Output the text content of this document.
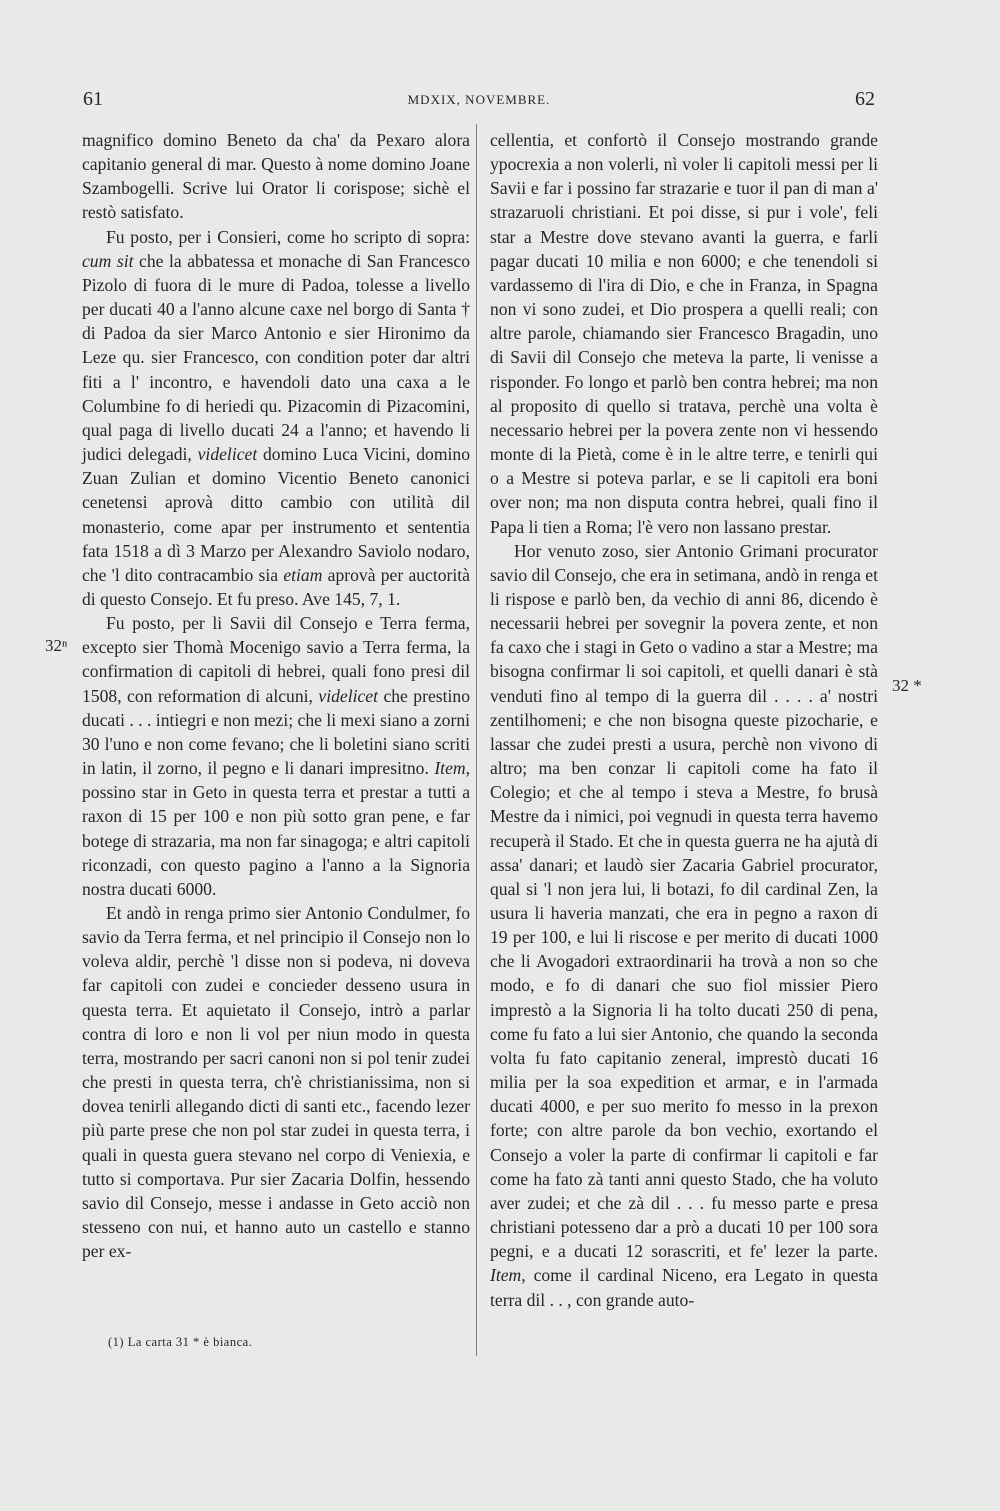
61	MDXIX, NOVEMBRE.	62

magnifico domino Beneto da cha' da Pexaro alora capitanio general di mar. Questo à nome domino Joane Szambogelli. Scrive lui Orator li corispose; sichè el restò satisfato.

Fu posto, per i Consieri, come ho scripto di sopra: cum sit che la abbatessa et monache di San Francesco Pizolo di fuora di le mure di Padoa, tolesse a livello per ducati 40 a l'anno alcune caxe nel borgo di Santa † di Padoa da sier Marco Antonio e sier Hironimo da Leze qu. sier Francesco, con condition poter dar altri fiti a l' incontro, e havendoli dato una caxa a le Columbine fo di heriedi qu. Pizacomin di Pizacomini, qual paga di livello ducati 24 a l'anno; et havendo li judici delegadi, videlicet domino Luca Vicini, domino Zuan Zulian et domino Vicentio Beneto canonici cenetensi aprovà ditto cambio con utilità dil monasterio, come apar per instrumento et sententia fata 1518 a dì 3 Marzo per Alexandro Saviolo nodaro, che 'l dito contracambio sia etiam aprovà per auctorità di questo Consejo. Et fu preso. Ave 145, 7, 1.

Fu posto, per li Savii dil Consejo e Terra ferma, excepto sier Thomà Mocenigo savio a Terra ferma, la confirmation di capitoli di hebrei, quali fono presi dil 1508, con reformation di alcuni, videlicet che prestino ducati . . . intiegri e non mezi; che li mexi siano a zorni 30 l'uno e non come fevano; che li boletini siano scriti in latin, il zorno, il pegno e li danari impresitno. Item, possino star in Geto in questa terra et prestar a tutti a raxon di 15 per 100 e non più sotto gran pene, e far botege di strazaria, ma non far sinagoga; e altri capitoli riconzadi, con questo pagino a l'anno a la Signoria nostra ducati 6000.

Et andò in renga primo sier Antonio Condulmer, fo savio da Terra ferma, et nel principio il Consejo non lo voleva aldir, perchè 'l disse non si podeva, ni doveva far capitoli con zudei e concieder desseno usura in questa terra. Et aquietato il Consejo, intrò a parlar contra di loro e non li vol per niun modo in questa terra, mostrando per sacri canoni non si pol tenir zudei che presti in questa terra, ch'è christianissima, non si dovea tenirli allegando dicti di santi etc., facendo lezer più parte prese che non pol star zudei in questa terra, i quali in questa guera stevano nel corpo di Veniexia, e tutto si comportava. Pur sier Zacaria Dolfin, hessendo savio dil Consejo, messe i andasse in Geto acciò non stesseno con nui, et hanno auto un castello e stanno per ex-

cellentia, et confortò il Consejo mostrando grande ypocrexia a non volerli, nì voler li capitoli messi per li Savii e far i possino far strazarie e tuor il pan di man a' strazaruoli christiani. Et poi disse, si pur i vole', feli star a Mestre dove stevano avanti la guerra, e farli pagar ducati 10 milia e non 6000; e che tenendoli si vardassemo di l'ira di Dio, e che in Franza, in Spagna non vi sono zudei, et Dio prospera a quelli reali; con altre parole, chiamando sier Francesco Bragadin, uno di Savii dil Consejo che meteva la parte, li venisse a risponder. Fo longo et parlò ben contra hebrei; ma non al proposito di quello si tratava, perchè una volta è necessario hebrei per la povera zente non vi hessendo monte di la Pietà, come è in le altre terre, e tenirli qui o a Mestre si poteva parlar, e se li capitoli era boni over non; ma non disputa contra hebrei, quali fino il Papa li tien a Roma; l'è vero non lassano prestar.

Hor venuto zoso, sier Antonio Grimani procurator savio dil Consejo, che era in setimana, andò in renga et li rispose e parlò ben, da vechio di anni 86, dicendo è necessarii hebrei per sovegnir la povera zente, et non fa caxo che i stagi in Geto o vadino a star a Mestre; ma bisogna confirmar li soi capitoli, et quelli danari è stà venduti fino al tempo di la guerra dil . . . . a' nostri zentilhomeni; e che non bisogna queste pizocharie, e lassar che zudei presti a usura, perchè non vivono di altro; ma ben conzar li capitoli come ha fato il Colegio; et che al tempo i steva a Mestre, fo brusà Mestre da i nimici, poi vegnudi in questa terra havemo recuperà il Stado. Et che in questa guerra ne ha ajutà di assa' danari; et laudò sier Zacaria Gabriel procurator, qual si 'l non jera lui, li botazi, fo dil cardinal Zen, la usura li haveria manzati, che era in pegno a raxon di 19 per 100, e lui li riscose e per merito di ducati 1000 che li Avogadori extraordinarii ha trovà a non so che modo, e fo di danari che suo fiol missier Piero imprestò a la Signoria li ha tolto ducati 250 di pena, come fu fato a lui sier Antonio, che quando la seconda volta fu fato capitanio zeneral, imprestò ducati 16 milia per la soa expedition et armar, e in l'armada ducati 4000, e per suo merito fo messo in la prexon forte; con altre parole da bon vechio, exortando el Consejo a voler la parte di confirmar li capitoli e far come ha fato zà tanti anni questo Stado, che ha voluto aver zudei; et che zà dil . . . fu messo parte e presa christiani potesseno dar a prò a ducati 10 per 100 sora pegni, e a ducati 12 sorascriti, et fe' lezer la parte. Item, come il cardinal Niceno, era Legato in questa terra dil . . , con grande auto-

32ⁿ
32 *
(1) La carta 31 * è bianca.
